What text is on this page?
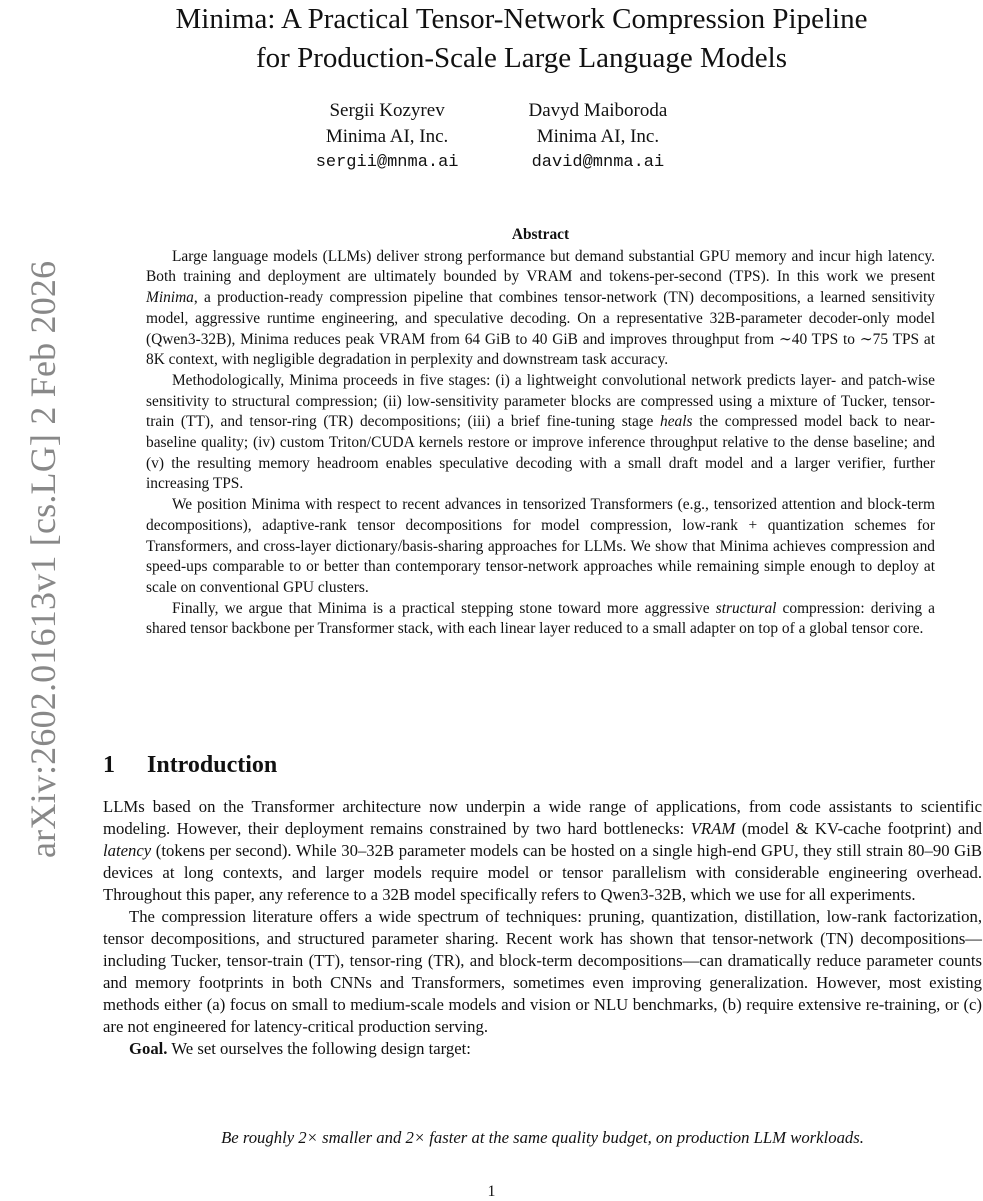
arXiv:2602.01613v1 [cs.LG] 2 Feb 2026
Minima: A Practical Tensor-Network Compression Pipeline
for Production-Scale Large Language Models
Sergii Kozyrev
Minima AI, Inc.
sergii@mnma.ai
Davyd Maiboroda
Minima AI, Inc.
david@mnma.ai
Abstract

Large language models (LLMs) deliver strong performance but demand substantial GPU memory and incur high latency. Both training and deployment are ultimately bounded by VRAM and tokens-per-second (TPS). In this work we present Minima, a production-ready compression pipeline that combines tensor-network (TN) decompositions, a learned sensitivity model, aggressive runtime engineering, and speculative decoding. On a representative 32B-parameter decoder-only model (Qwen3-32B), Minima reduces peak VRAM from 64 GiB to 40 GiB and improves throughput from ∼40 TPS to ∼75 TPS at 8K context, with negligible degradation in perplexity and downstream task accuracy.

Methodologically, Minima proceeds in five stages: (i) a lightweight convolutional network predicts layer- and patch-wise sensitivity to structural compression; (ii) low-sensitivity parameter blocks are compressed using a mixture of Tucker, tensor-train (TT), and tensor-ring (TR) decompositions; (iii) a brief fine-tuning stage heals the compressed model back to near-baseline quality; (iv) custom Triton/CUDA kernels restore or improve inference throughput relative to the dense baseline; and (v) the resulting memory headroom enables speculative decoding with a small draft model and a larger verifier, further increasing TPS.

We position Minima with respect to recent advances in tensorized Transformers (e.g., tensorized attention and block-term decompositions), adaptive-rank tensor decompositions for model compression, low-rank + quantization schemes for Transformers, and cross-layer dictionary/basis-sharing approaches for LLMs. We show that Minima achieves compression and speed-ups comparable to or better than contemporary tensor-network approaches while remaining simple enough to deploy at scale on conventional GPU clusters.

Finally, we argue that Minima is a practical stepping stone toward more aggressive structural compression: deriving a shared tensor backbone per Transformer stack, with each linear layer reduced to a small adapter on top of a global tensor core.

1 Introduction

LLMs based on the Transformer architecture now underpin a wide range of applications, from code assistants to scientific modeling. However, their deployment remains constrained by two hard bottlenecks: VRAM (model & KV-cache footprint) and latency (tokens per second). While 30–32B parameter models can be hosted on a single high-end GPU, they still strain 80–90 GiB devices at long contexts, and larger models require model or tensor parallelism with considerable engineering overhead. Throughout this paper, any reference to a 32B model specifically refers to Qwen3-32B, which we use for all experiments.

The compression literature offers a wide spectrum of techniques: pruning, quantization, distillation, low-rank factorization, tensor decompositions, and structured parameter sharing. Recent work has shown that tensor-network (TN) decompositions—including Tucker, tensor-train (TT), tensor-ring (TR), and block-term decompositions—can dramatically reduce parameter counts and memory footprints in both CNNs and Transformers, sometimes even improving generalization. However, most existing methods either (a) focus on small to medium-scale models and vision or NLU benchmarks, (b) require extensive re-training, or (c) are not engineered for latency-critical production serving.

Goal. We set ourselves the following design target:

Be roughly 2× smaller and 2× faster at the same quality budget, on production LLM workloads.
1
